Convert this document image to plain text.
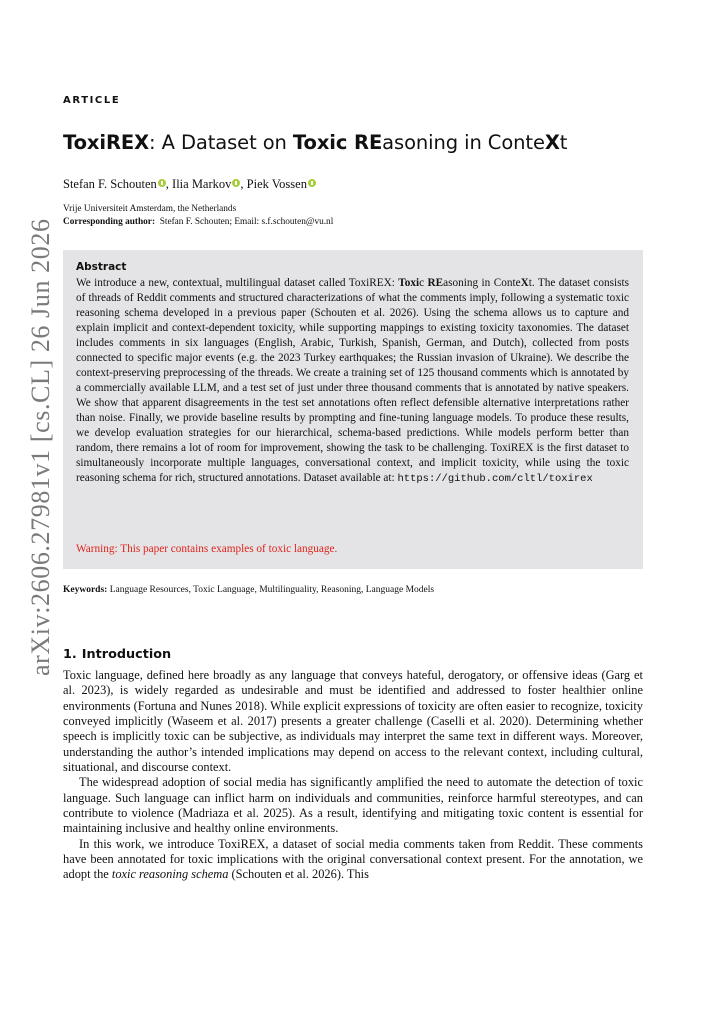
ARTICLE
ToxiREX: A Dataset on Toxic REasoning in ConteXt
Stefan F. Schouten , Ilia Markov , Piek Vossen
Vrije Universiteit Amsterdam, the Netherlands
Corresponding author: Stefan F. Schouten; Email: s.f.schouten@vu.nl
arXiv:2606.27981v1 [cs.CL] 26 Jun 2026 Abstract
We introduce a new, contextual, multilingual dataset called ToxiREX: Toxic REasoning in ConteXt. The dataset consists of threads of Reddit comments and structured characterizations of what the comments imply, following a systematic toxic reasoning schema developed in a previous paper (Schouten et al. 2026). Using the schema allows us to capture and explain implicit and context-dependent toxicity, while supporting mappings to existing toxicity taxonomies. The dataset includes comments in six languages (English, Arabic, Turkish, Spanish, German, and Dutch), collected from posts connected to specific major events (e.g. the 2023 Turkey earthquakes; the Russian invasion of Ukraine). We describe the context-preserving preprocessing of the threads. We create a training set of 125 thousand comments which is annotated by a commercially available LLM, and a test set of just under three thousand comments that is annotated by native speakers. We show that apparent disagreements in the test set annotations often reflect defensible alternative interpretations rather than noise. Finally, we provide baseline results by prompting and fine-tuning language models. To produce these results, we develop evaluation strategies for our hierarchical, schema-based predictions. While models perform better than random, there remains a lot of room for improvement, showing the task to be challenging. ToxiREX is the first dataset to simultaneously incorporate multiple languages, conversational context, and implicit toxicity, while using the toxic reasoning schema for rich, structured annotations. Dataset available at: https://github.com/cltl/toxirex
Warning: This paper contains examples of toxic language.
Keywords: Language Resources, Toxic Language, Multilinguality, Reasoning, Language Models
1. Introduction

Toxic language, defined here broadly as any language that conveys hateful, derogatory, or offensive ideas (Garg et al. 2023), is widely regarded as undesirable and must be identified and addressed to foster healthier online environments (Fortuna and Nunes 2018). While explicit expressions of toxicity are often easier to recognize, toxicity conveyed implicitly (Waseem et al. 2017) presents a greater challenge (Caselli et al. 2020). Determining whether speech is implicitly toxic can be subjective, as individuals may interpret the same text in different ways. Moreover, understanding the author’s intended implications may depend on access to the relevant context, including cultural, situational, and discourse context.

The widespread adoption of social media has significantly amplified the need to automate the detection of toxic language. Such language can inflict harm on individuals and communities, reinforce harmful stereotypes, and can contribute to violence (Madriaza et al. 2025). As a result, identifying and mitigating toxic content is essential for maintaining inclusive and healthy online environments.

In this work, we introduce ToxiREX, a dataset of social media comments taken from Reddit. These comments have been annotated for toxic implications with the original conversational context present. For the annotation, we adopt the toxic reasoning schema (Schouten et al. 2026). This
